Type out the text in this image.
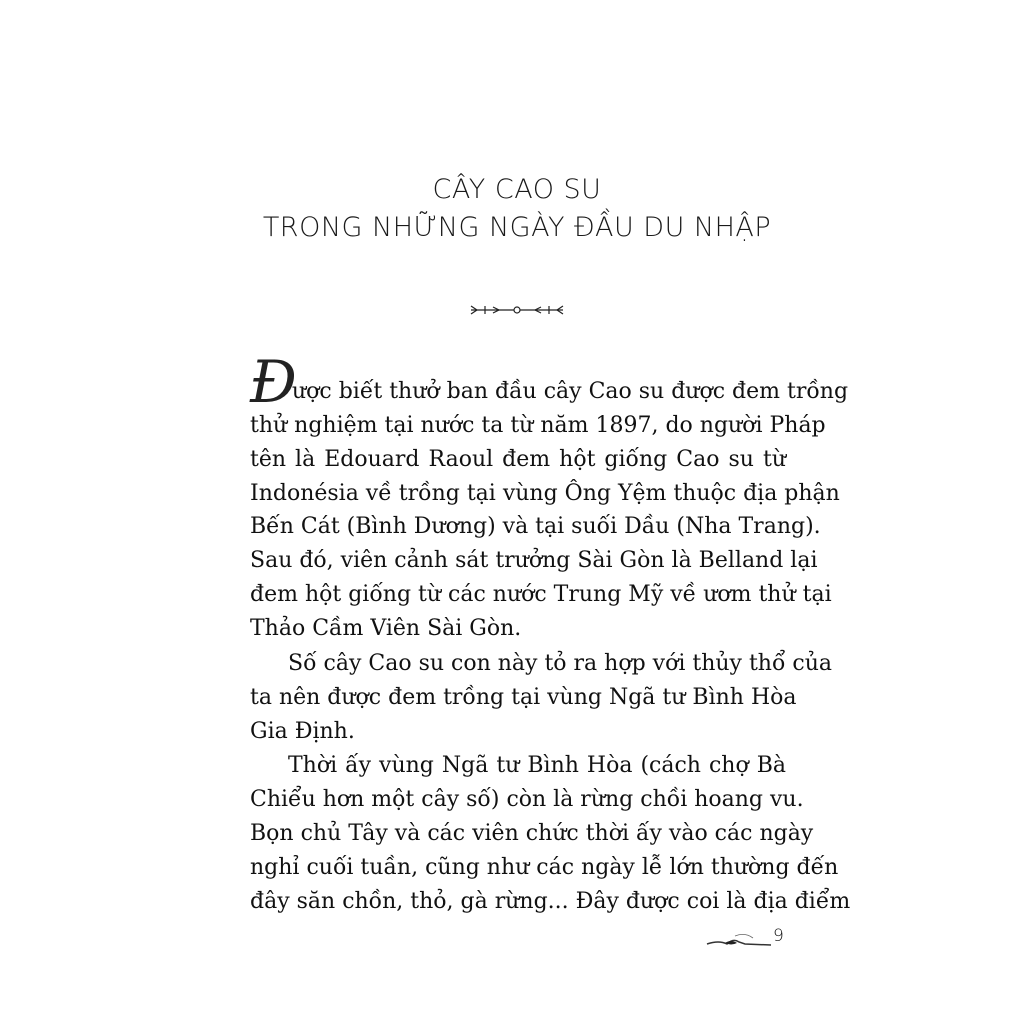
CÂY CAO SU
TRONG NHỮNG NGÀY ĐẦU DU NHẬP
Đ
ược biết thưở ban đầu cây Cao su được đem trồng
thử nghiệm tại nước ta từ năm 1897, do người Pháp
tên là Edouard Raoul đem hột giống Cao su từ
Indonésia về trồng tại vùng Ông Yệm thuộc địa phận
Bến Cát (Bình Dương) và tại suối Dầu (Nha Trang).
Sau đó, viên cảnh sát trưởng Sài Gòn là Belland lại
đem hột giống từ các nước Trung Mỹ về ươm thử tại
Thảo Cầm Viên Sài Gòn.
Số cây Cao su con này tỏ ra hợp với thủy thổ của
ta nên được đem trồng tại vùng Ngã tư Bình Hòa
Gia Định.
Thời ấy vùng Ngã tư Bình Hòa (cách chợ Bà
Chiểu hơn một cây số) còn là rừng chồi hoang vu.
Bọn chủ Tây và các viên chức thời ấy vào các ngày
nghỉ cuối tuần, cũng như các ngày lễ lớn thường đến
đây săn chồn, thỏ, gà rừng... Đây được coi là địa điểm
9
